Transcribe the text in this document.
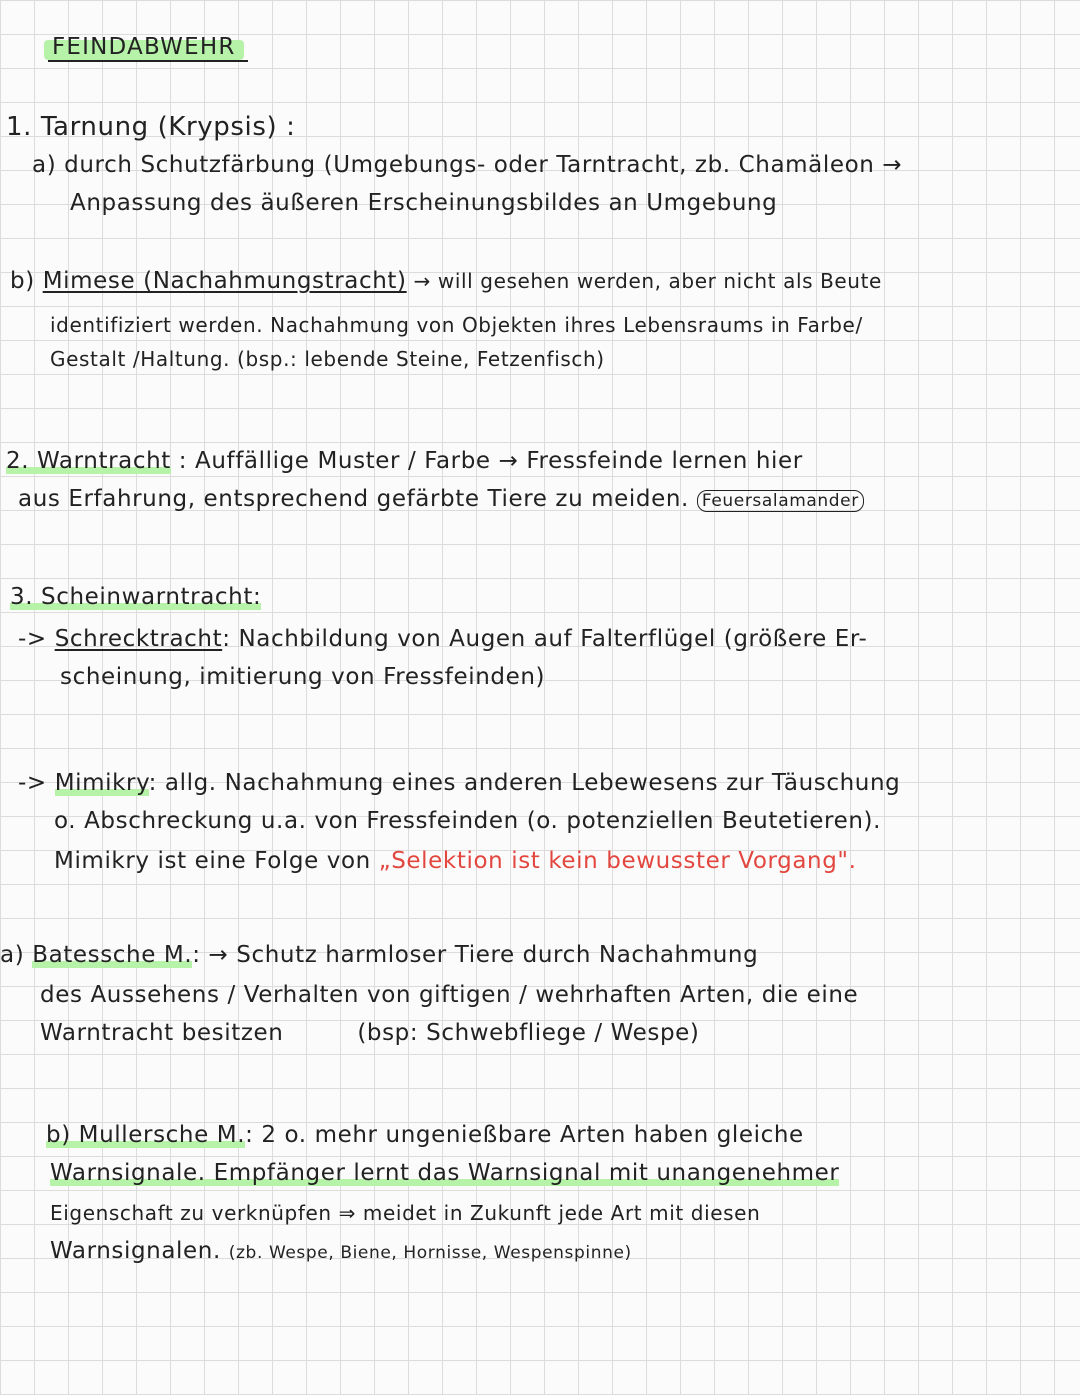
FEINDABWEHR
1. Tarnung (Krypsis) :
a) durch Schutzfärbung (Umgebungs- oder Tarntracht, zb. Chamäleon →
Anpassung des äußeren Erscheinungsbildes an Umgebung
b) Mimese (Nachahmungstracht) → will gesehen werden, aber nicht als Beute
identifiziert werden. Nachahmung von Objekten ihres Lebensraums in Farbe/
Gestalt /Haltung. (bsp.: lebende Steine, Fetzenfisch)
2. Warntracht : Auffällige Muster / Farbe → Fressfeinde lernen hier
aus Erfahrung, entsprechend gefärbte Tiere zu meiden. Feuersalamander
3. Scheinwarntracht:
-> Schrecktracht: Nachbildung von Augen auf Falterflügel (größere Er-
scheinung, imitierung von Fressfeinden)
-> Mimikry: allg. Nachahmung eines anderen Lebewesens zur Täuschung
o. Abschreckung u.a. von Fressfeinden (o. potenziellen Beutetieren).
Mimikry ist eine Folge von „Selektion ist kein bewusster Vorgang".
a) Batessche M.: → Schutz harmloser Tiere durch Nachahmung
des Aussehens / Verhalten von giftigen / wehrhaften Arten, die eine
Warntracht besitzen	(bsp: Schwebfliege / Wespe)
b) Mullersche M.: 2 o. mehr ungenießbare Arten haben gleiche
Warnsignale. Empfänger lernt das Warnsignal mit unangenehmer
Eigenschaft zu verknüpfen ⇒ meidet in Zukunft jede Art mit diesen
Warnsignalen. (zb. Wespe, Biene, Hornisse, Wespenspinne)
